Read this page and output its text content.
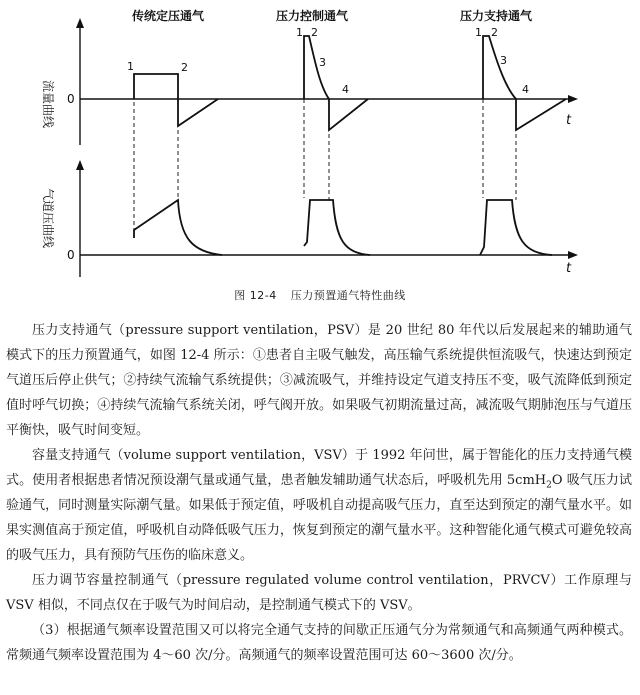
传统定压通气	压力控制通气	压力支持通气
流量曲线
气道压曲线
0
t
0
t
1	2
1 2
3
4
1 2
3
4
图 12-4 压力预置通气特性曲线

压力支持通气（pressure support ventilation，PSV）是 20 世纪 80 年代以后发展起来的辅助通气模式下的压力预置通气，如图 12-4 所示：①患者自主吸气触发，高压输气系统提供恒流吸气，快速达到预定气道压后停止供气；②持续气流输气系统提供；③减流吸气，并维持设定气道支持压不变，吸气流降低到预定值时呼气切换；④持续气流输气系统关闭，呼气阀开放。如果吸气初期流量过高，减流吸气期肺泡压与气道压平衡快，吸气时间变短。

容量支持通气（volume support ventilation，VSV）于 1992 年问世，属于智能化的压力支持通气模式。使用者根据患者情况预设潮气量或通气量，患者触发辅助通气状态后，呼吸机先用 5cmH$_2$O 吸气压力试验通气，同时测量实际潮气量。如果低于预定值，呼吸机自动提高吸气压力，直至达到预定的潮气量水平。如果实测值高于预定值，呼吸机自动降低吸气压力，恢复到预定的潮气量水平。这种智能化通气模式可避免较高的吸气压力，具有预防气压伤的临床意义。

压力调节容量控制通气（pressure regulated volume control ventilation，PRVCV）工作原理与 VSV 相似，不同点仅在于吸气为时间启动，是控制通气模式下的 VSV。

（3）根据通气频率设置范围又可以将完全通气支持的间歇正压通气分为常频通气和高频通气两种模式。常频通气频率设置范围为 4～60 次/分。高频通气的频率设置范围可达 60～3600 次/分。
